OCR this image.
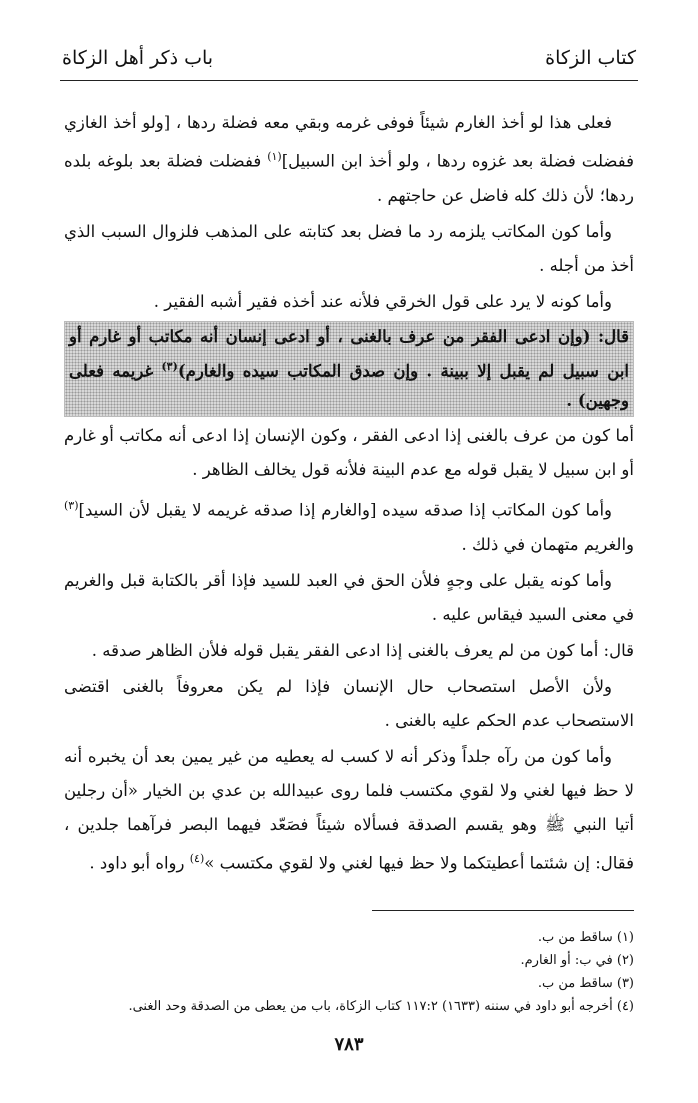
كتاب الزكاة
باب ذكر أهل الزكاة

فعلى هذا لو أخذ الغارم شيئاً فوفى غرمه وبقي معه فضلة ردها ، [ولو أخذ الغازي ففضلت فضلة بعد غزوه ردها ، ولو أخذ ابن السبيل]$^{(١)}$ ففضلت فضلة بعد بلوغه بلده ردها؛ لأن ذلك كله فاضل عن حاجتهم .

وأما كون المكاتب يلزمه رد ما فضل بعد كتابته على المذهب فلزوال السبب الذي أخذ من أجله .

وأما كونه لا يرد على قول الخرقي فلأنه عند أخذه فقير أشبه الفقير .

قال: (وإن ادعى الفقر من عرف بالغنى ، أو ادعى إنسان أنه مكاتب أو غارم أو ابن سبيل لم يقبل إلا ببينة . وإن صدق المكاتب سيده والغارم)$^{(٣)}$ غريمه فعلى وجهين) .

أما كون من عرف بالغنى إذا ادعى الفقر ، وكون الإنسان إذا ادعى أنه مكاتب أو غارم أو ابن سبيل لا يقبل قوله مع عدم البينة فلأنه قول يخالف الظاهر .

وأما كون المكاتب إذا صدقه سيده [والغارم إذا صدقه غريمه لا يقبل لأن السيد]$^{(٣)}$ والغريم متهمان في ذلك .

وأما كونه يقبل على وجهٍ فلأن الحق في العبد للسيد فإذا أقر بالكتابة قبل والغريم في معنى السيد فيقاس عليه .

قال: أما كون من لم يعرف بالغنى إذا ادعى الفقر يقبل قوله فلأن الظاهر صدقه .

ولأن الأصل استصحاب حال الإنسان فإذا لم يكن معروفاً بالغنى اقتضى الاستصحاب عدم الحكم عليه بالغنى .

وأما كون من رآه جلداً وذكر أنه لا كسب له يعطيه من غير يمين بعد أن يخبره أنه لا حظ فيها لغني ولا لقوي مكتسب فلما روى عبيدالله بن عدي بن الخيار «أن رجلين أتيا النبي ﷺ وهو يقسم الصدقة فسألاه شيئاً فصَعّد فيهما البصر فرآهما جلدين ، فقال: إن شئتما أعطيتكما ولا حظ فيها لغني ولا لقوي مكتسب »$^{(٤)}$ رواه أبو داود .

(١) ساقط من ب.
(٢) في ب: أو الغارم.
(٣) ساقط من ب.
(٤) أخرجه أبو داود في سننه (١٦٣٣) ١١٧:٢ كتاب الزكاة، باب من يعطى من الصدقة وحد الغنى.
٧٨٣
